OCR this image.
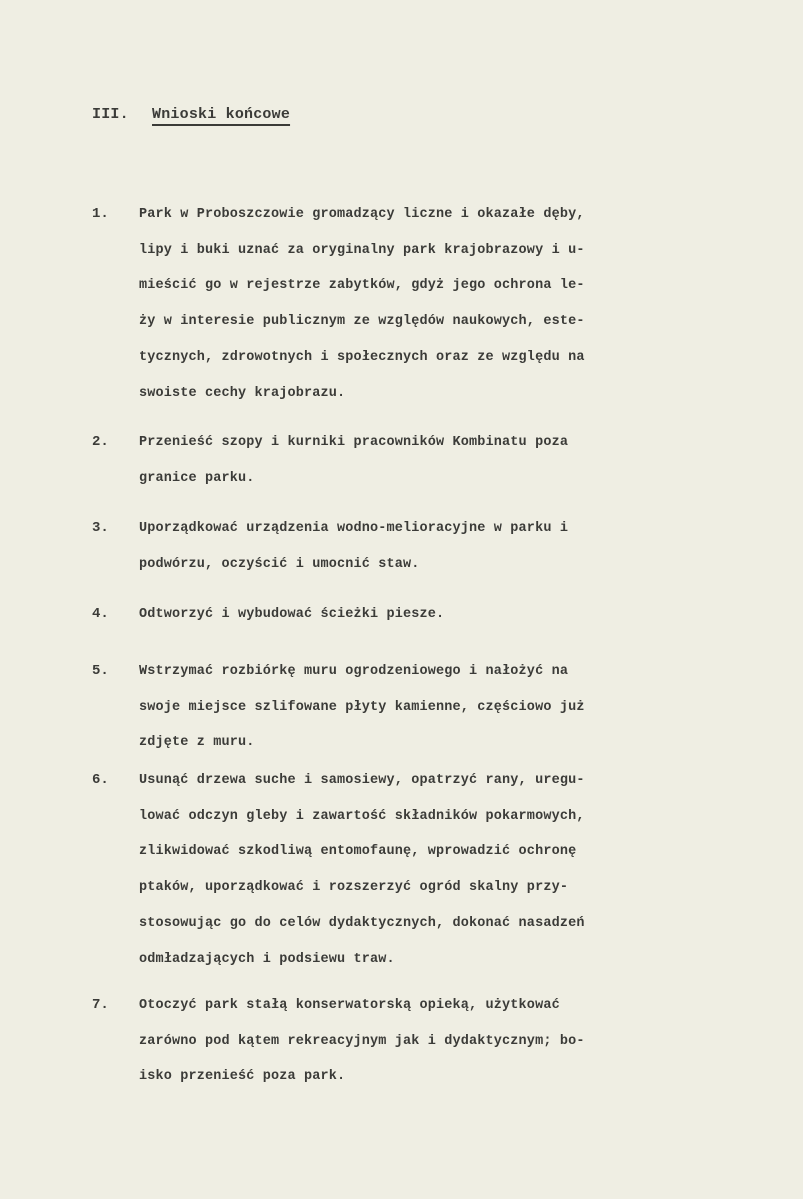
III. Wnioski końcowe
1.	Park w Proboszczowie gromadzący liczne i okazałe dęby,
lipy i buki uznać za oryginalny park krajobrazowy i u-
mieścić go w rejestrze zabytków, gdyż jego ochrona le-
ży w interesie publicznym ze względów naukowych, este-
tycznych, zdrowotnych i społecznych oraz ze względu na
swoiste cechy krajobrazu.
2.	Przenieść szopy i kurniki pracowników Kombinatu poza
granice parku.
3.	Uporządkować urządzenia wodno-melioracyjne w parku i
podwórzu, oczyścić i umocnić staw.
4.	Odtworzyć i wybudować ścieżki piesze.
5.	Wstrzymać rozbiórkę muru ogrodzeniowego i nałożyć na
swoje miejsce szlifowane płyty kamienne, częściowo już
zdjęte z muru.
6.	Usunąć drzewa suche i samosiewy, opatrzyć rany, uregu-
lować odczyn gleby i zawartość składników pokarmowych,
zlikwidować szkodliwą entomofaunę, wprowadzić ochronę
ptaków, uporządkować i rozszerzyć ogród skalny przy-
stosowując go do celów dydaktycznych, dokonać nasadzeń
odmładzających i podsiewu traw.
7.	Otoczyć park stałą konserwatorską opieką, użytkować
zarówno pod kątem rekreacyjnym jak i dydaktycznym; bo-
isko przenieść poza park.
